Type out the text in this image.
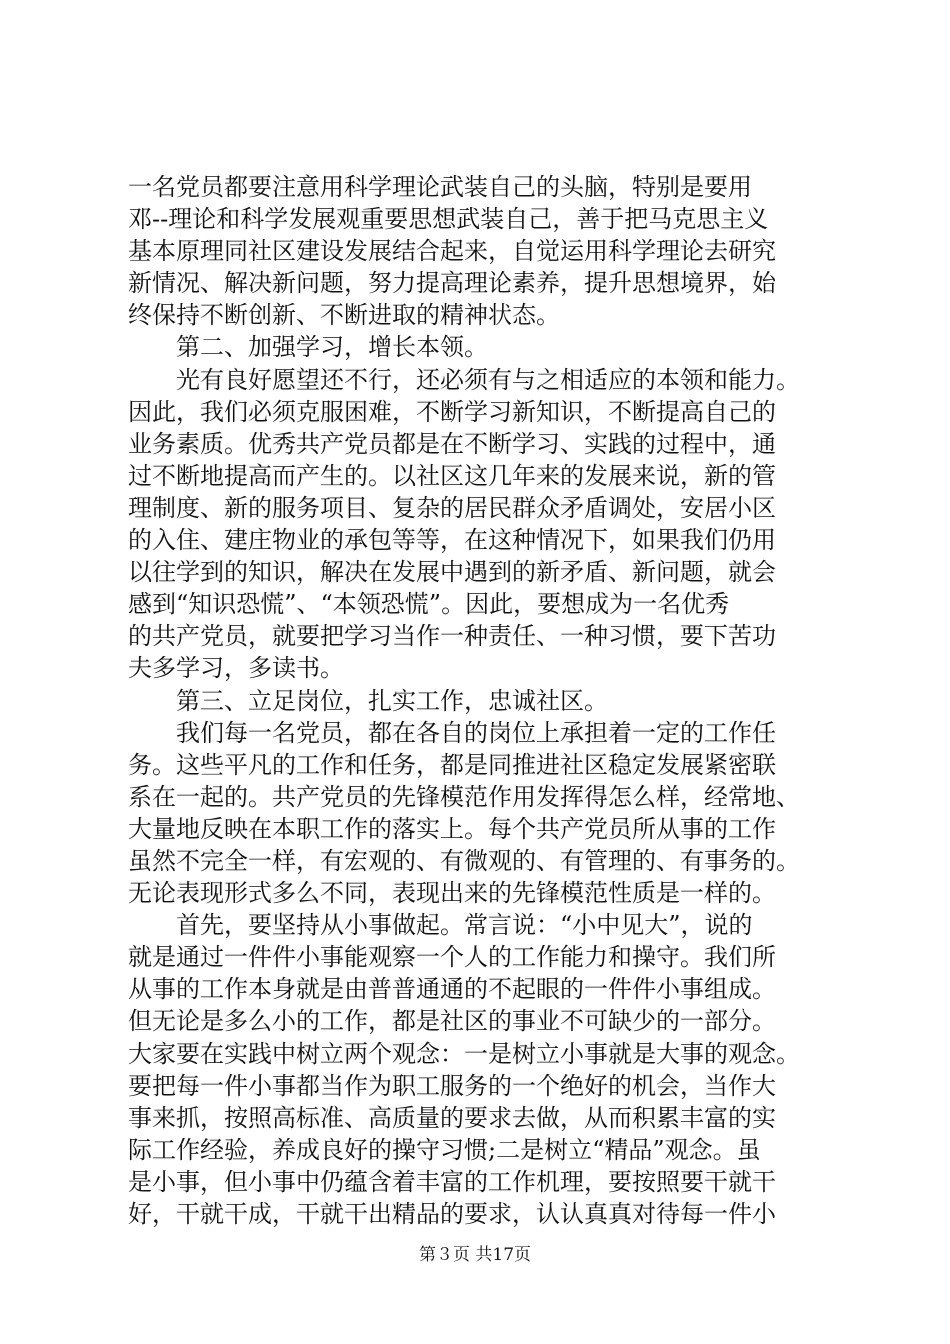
一名党员都要注意用科学理论武装自己的头脑，特别是要用
邓--理论和科学发展观重要思想武装自己，善于把马克思主义
基本原理同社区建设发展结合起来，自觉运用科学理论去研究
新情况、解决新问题，努力提高理论素养，提升思想境界，始
终保持不断创新、不断进取的精神状态。
　　第二、加强学习，增长本领。
　　光有良好愿望还不行，还必须有与之相适应的本领和能力。
因此，我们必须克服困难，不断学习新知识，不断提高自己的
业务素质。优秀共产党员都是在不断学习、实践的过程中，通
过不断地提高而产生的。以社区这几年来的发展来说，新的管
理制度、新的服务项目、复杂的居民群众矛盾调处，安居小区
的入住、建庄物业的承包等等，在这种情况下，如果我们仍用
以往学到的知识，解决在发展中遇到的新矛盾、新问题，就会
感到“知识恐慌”、“本领恐慌”。因此，要想成为一名优秀
的共产党员，就要把学习当作一种责任、一种习惯，要下苦功
夫多学习，多读书。
　　第三、立足岗位，扎实工作，忠诚社区。
　　我们每一名党员，都在各自的岗位上承担着一定的工作任
务。这些平凡的工作和任务，都是同推进社区稳定发展紧密联
系在一起的。共产党员的先锋模范作用发挥得怎么样，经常地、
大量地反映在本职工作的落实上。每个共产党员所从事的工作
虽然不完全一样，有宏观的、有微观的、有管理的、有事务的。
无论表现形式多么不同，表现出来的先锋模范性质是一样的。
　　首先，要坚持从小事做起。常言说：“小中见大”，说的
就是通过一件件小事能观察一个人的工作能力和操守。我们所
从事的工作本身就是由普普通通的不起眼的一件件小事组成。
但无论是多么小的工作，都是社区的事业不可缺少的一部分。
大家要在实践中树立两个观念：一是树立小事就是大事的观念。
要把每一件小事都当作为职工服务的一个绝好的机会，当作大
事来抓，按照高标准、高质量的要求去做，从而积累丰富的实
际工作经验，养成良好的操守习惯;二是树立“精品”观念。虽
是小事，但小事中仍蕴含着丰富的工作机理，要按照要干就干
好，干就干成，干就干出精品的要求，认认真真对待每一件小
第３页 共17页
